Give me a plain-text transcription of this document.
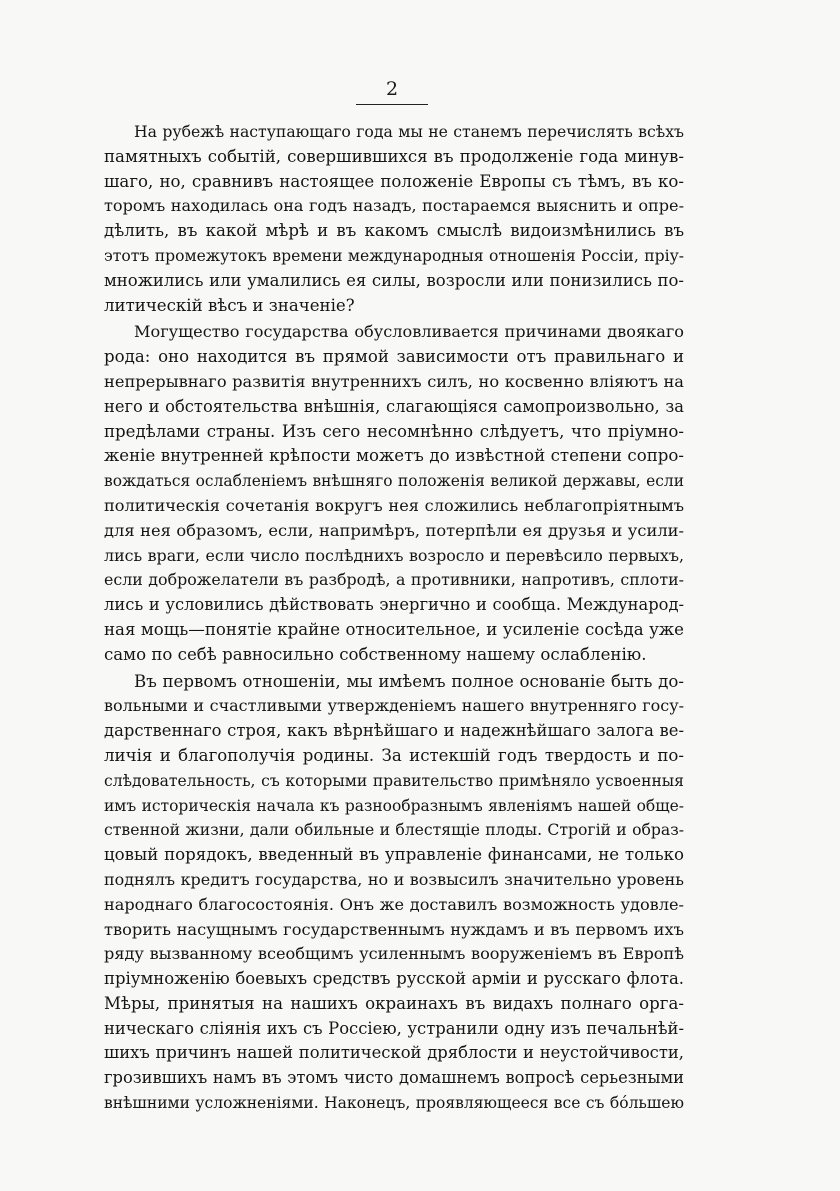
2
На рубежѣ наступающаго года мы не станемъ перечислять всѣхъ
памятныхъ событій, совершившихся въ продолженіе года минув-
шаго, но, сравнивъ настоящее положеніе Европы съ тѣмъ, въ ко-
торомъ находилась она годъ назадъ, постараемся выяснить и опре-
дѣлить, въ какой мѣрѣ и въ какомъ смыслѣ видоизмѣнились въ
этотъ промежутокъ времени международныя отношенія Россіи, пріу-
множились или умалились ея силы, возросли или понизились по-
литическій вѣсъ и значеніе?
Могущество государства обусловливается причинами двоякаго
рода: оно находится въ прямой зависимости отъ правильнаго и
непрерывнаго развитія внутреннихъ силъ, но косвенно вліяютъ на
него и обстоятельства внѣшнія, слагающіяся самопроизвольно, за
предѣлами страны. Изъ сего несомнѣнно слѣдуетъ, что пріумно-
женіе внутренней крѣпости можетъ до извѣстной степени сопро-
вождаться ослабленіемъ внѣшняго положенія великой державы, если
политическія сочетанія вокругъ нея сложились неблагопріятнымъ
для нея образомъ, если, напримѣръ, потерпѣли ея друзья и усили-
лись враги, если число послѣднихъ возросло и перевѣсило первыхъ,
если доброжелатели въ разбродѣ, а противники, напротивъ, сплоти-
лись и условились дѣйствовать энергично и сообща. Международ-
ная мощь—понятіе крайне относительное, и усиленіе сосѣда уже
само по себѣ равносильно собственному нашему ослабленію.
Въ первомъ отношеніи, мы имѣемъ полное основаніе быть до-
вольными и счастливыми утвержденіемъ нашего внутренняго госу-
дарственнаго строя, какъ вѣрнѣйшаго и надежнѣйшаго залога ве-
личія и благополучія родины. За истекшій годъ твердость и по-
слѣдовательность, съ которыми правительство примѣняло усвоенныя
имъ историческія начала къ разнообразнымъ явленіямъ нашей обще-
ственной жизни, дали обильные и блестящіе плоды. Строгій и образ-
цовый порядокъ, введенный въ управленіе финансами, не только
поднялъ кредитъ государства, но и возвысилъ значительно уровень
народнаго благосостоянія. Онъ же доставилъ возможность удовле-
творить насущнымъ государственнымъ нуждамъ и въ первомъ ихъ
ряду вызванному всеобщимъ усиленнымъ вооруженіемъ въ Европѣ
пріумноженію боевыхъ средствъ русской арміи и русскаго флота.
Мѣры, принятыя на нашихъ окраинахъ въ видахъ полнаго орга-
ническаго слiянія ихъ съ Россіею, устранили одну изъ печальнѣй-
шихъ причинъ нашей политической дряблости и неустойчивости,
грозившихъ намъ въ этомъ чисто домашнемъ вопросѣ серьезными
внѣшними усложненіями. Наконецъ, проявляющееся все съ бо́льшею
